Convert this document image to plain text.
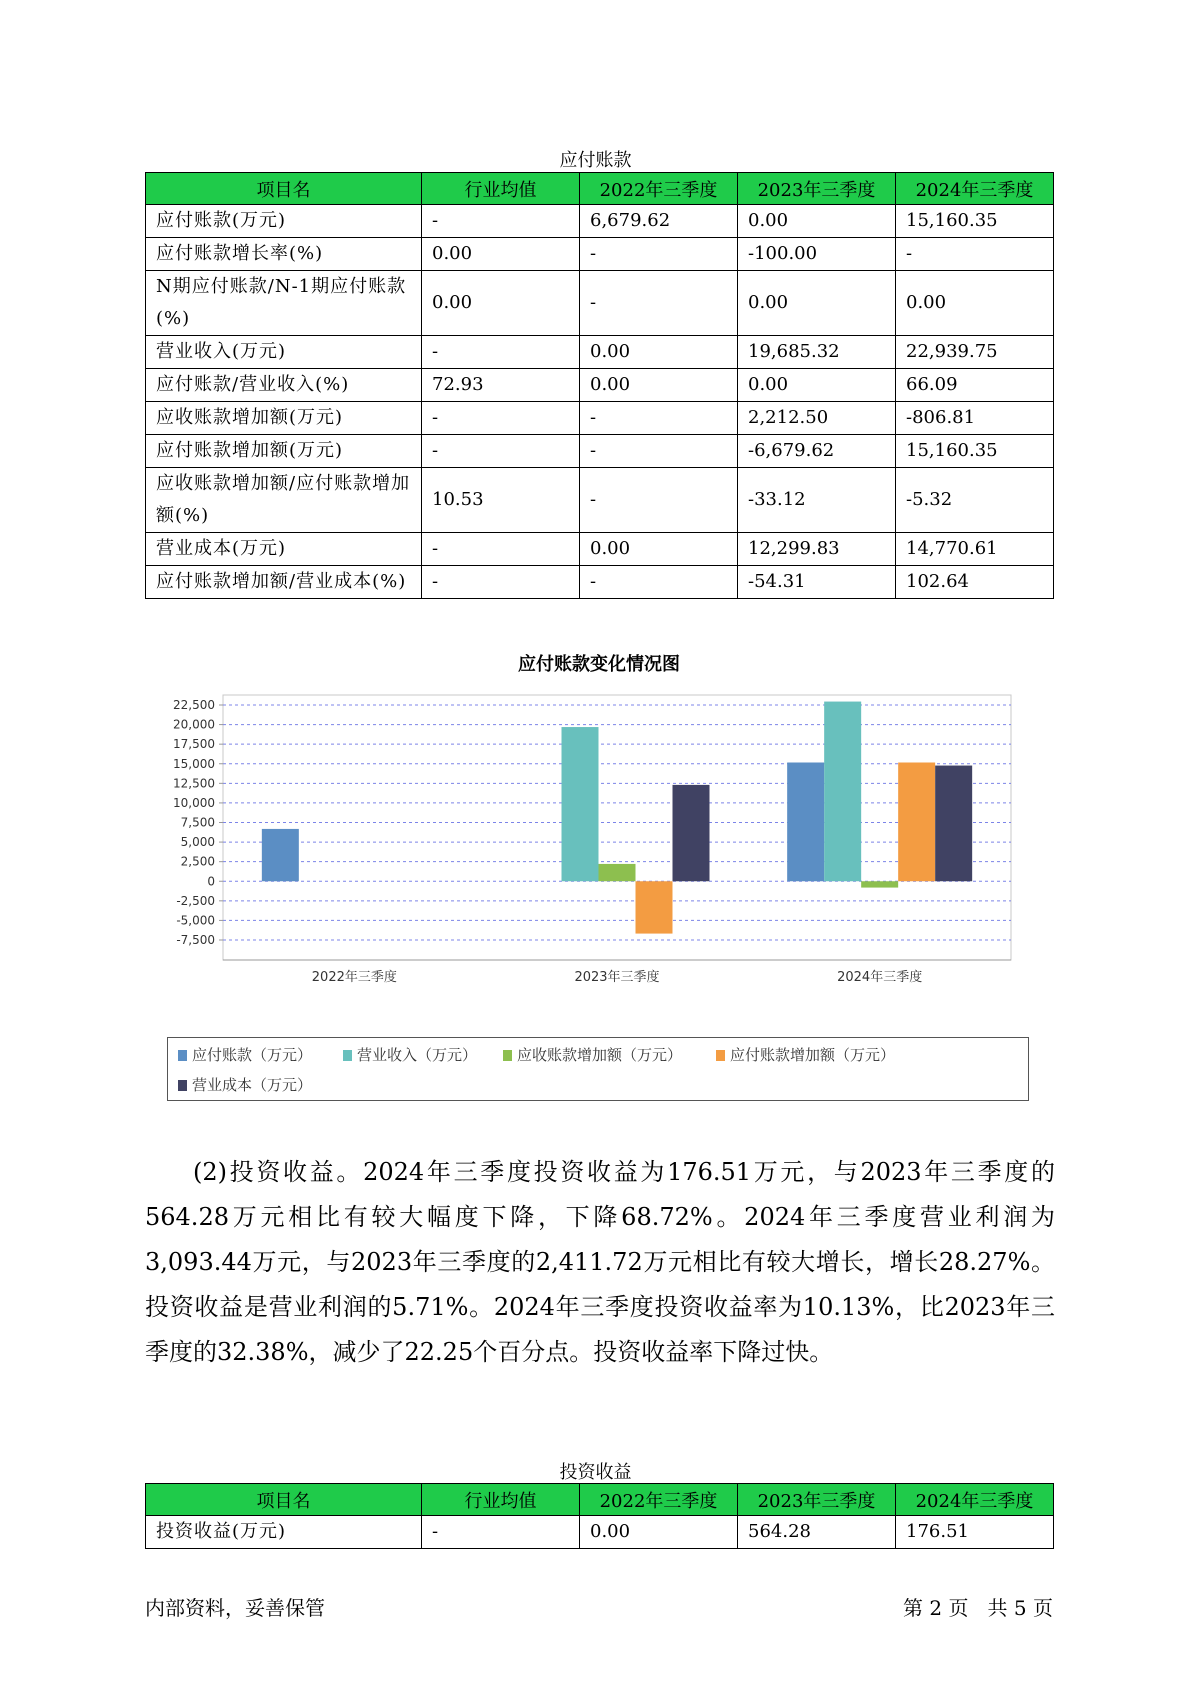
应付账款
项目名	行业均值	2022年三季度	2023年三季度	2024年三季度
应付账款(万元)	-	6,679.62	0.00	15,160.35
应付账款增长率(%)	0.00	-	-100.00	-
N期应付账款/N-1期应付账款(%)	0.00	-	0.00	0.00
营业收入(万元)	-	0.00	19,685.32	22,939.75
应付账款/营业收入(%)	72.93	0.00	0.00	66.09
应收账款增加额(万元)	-	-	2,212.50	-806.81
应付账款增加额(万元)	-	-	-6,679.62	15,160.35
应收账款增加额/应付账款增加额(%)	10.53	-	-33.12	-5.32
营业成本(万元)	-	0.00	12,299.83	14,770.61
应付账款增加额/营业成本(%)	-	-	-54.31	102.64
应付账款变化情况图
22,500
20,000
17,500
15,000
12,500
10,000
7,500
5,000
2,500
0
-2,500
-5,000
-7,500
2022年三季度	2023年三季度	2024年三季度
应付账款（万元）	营业收入（万元）	应收账款增加额（万元）	应付账款增加额（万元）
营业成本（万元）

(2)投资收益。2024年三季度投资收益为176.51万元，与2023年三季度的564.28万元相比有较大幅度下降，下降68.72%。2024年三季度营业利润为3,093.44万元，与2023年三季度的2,411.72万元相比有较大增长，增长28.27%。投资收益是营业利润的5.71%。2024年三季度投资收益率为10.13%，比2023年三季度的32.38%，减少了22.25个百分点。投资收益率下降过快。

投资收益
项目名	行业均值	2022年三季度	2023年三季度	2024年三季度
投资收益(万元)	-	0.00	564.28	176.51
内部资料，妥善保管	第 2 页   共 5 页
